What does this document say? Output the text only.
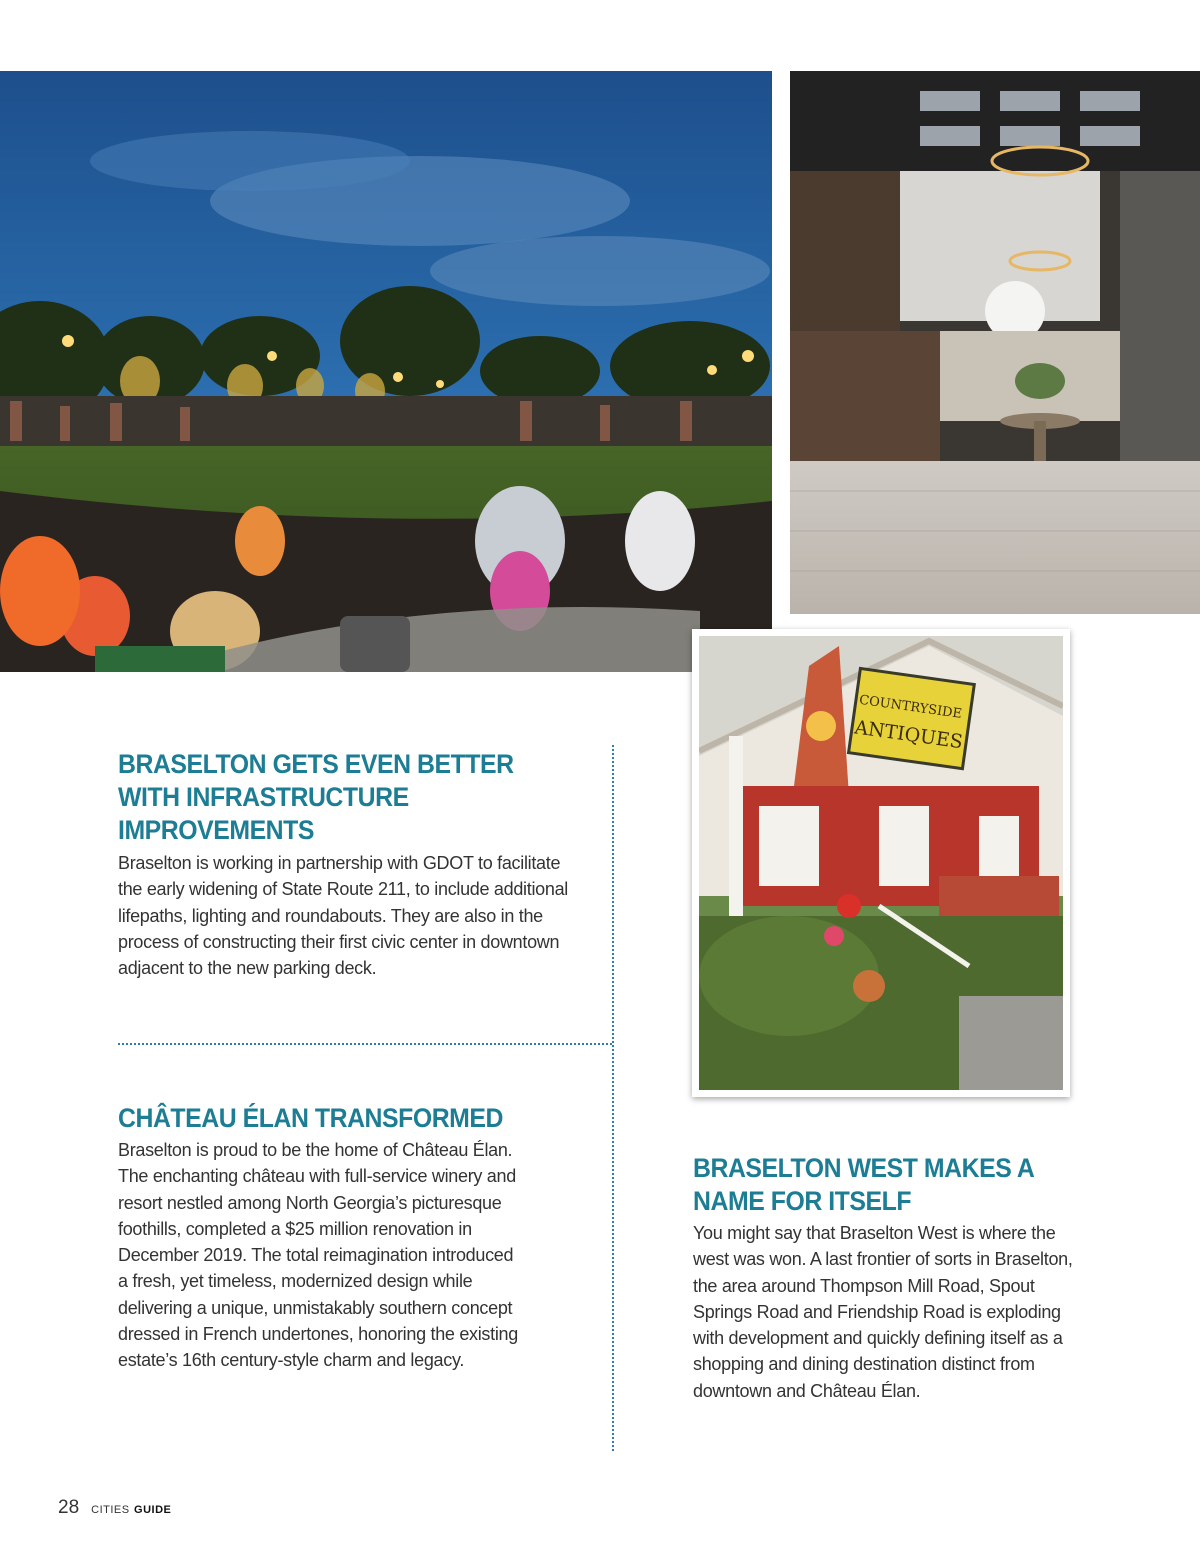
COUNTRYSIDE
ANTIQUES
BRASELTON GETS EVEN BETTER WITH INFRASTRUCTURE IMPROVEMENTS

Braselton is working in partnership with GDOT to facilitate the early widening of State Route 211, to include additional lifepaths, lighting and roundabouts. They are also in the process of constructing their first civic center in downtown adjacent to the new parking deck.

CHÂTEAU ÉLAN TRANSFORMED

Braselton is proud to be the home of Château Élan. The enchanting château with full-service winery and resort nestled among North Georgia’s picturesque foothills, completed a $25 million renovation in December 2019. The total reimagination introduced a fresh, yet timeless, modernized design while delivering a unique, unmistakably southern concept dressed in French undertones, honoring the existing estate’s 16th century-style charm and legacy.

BRASELTON WEST MAKES A NAME FOR ITSELF

You might say that Braselton West is where the west was won. A last frontier of sorts in Braselton, the area around Thompson Mill Road, Spout Springs Road and Friendship Road is exploding with development and quickly defining itself as a shopping and dining destination distinct from downtown and Château Élan.

28 CITIES GUIDE
